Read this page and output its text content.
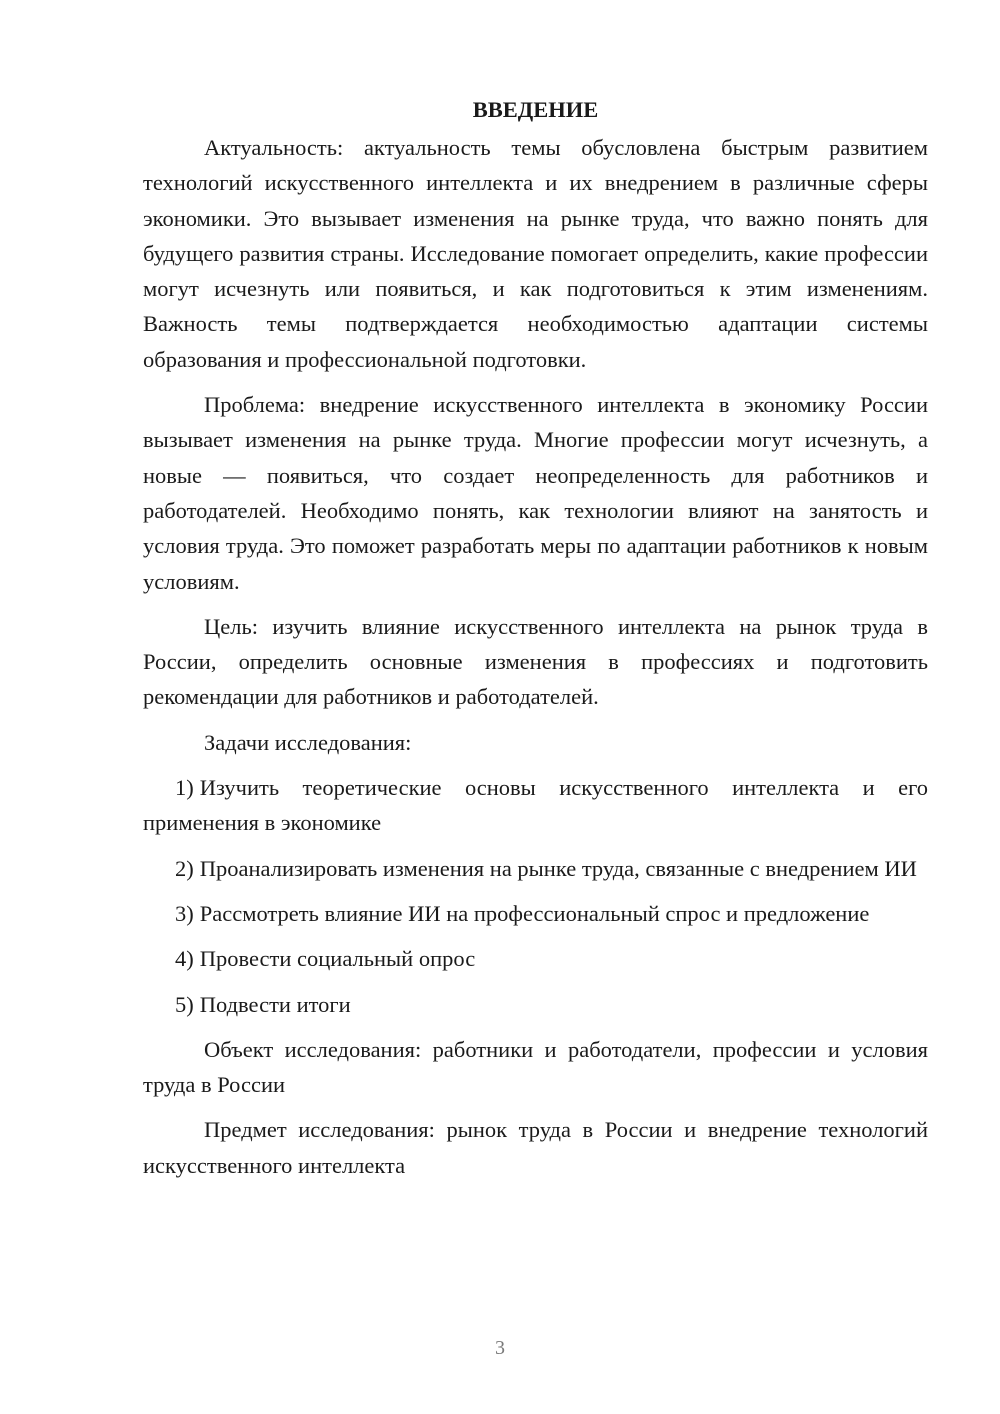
ВВЕДЕНИЕ

Актуальность: актуальность темы обусловлена быстрым развитием технологий искусственного интеллекта и их внедрением в различные сферы экономики. Это вызывает изменения на рынке труда, что важно понять для будущего развития страны. Исследование помогает определить, какие профессии могут исчезнуть или появиться, и как подготовиться к этим изменениям. Важность темы подтверждается необходимостью адаптации системы образования и профессиональной подготовки.

Проблема: внедрение искусственного интеллекта в экономику России вызывает изменения на рынке труда. Многие профессии могут исчезнуть, а новые — появиться, что создает неопределенность для работников и работодателей. Необходимо понять, как технологии влияют на занятость и условия труда. Это поможет разработать меры по адаптации работников к новым условиям.

Цель: изучить влияние искусственного интеллекта на рынок труда в России, определить основные изменения в профессиях и подготовить рекомендации для работников и работодателей.

Задачи исследования:

1) Изучить теоретические основы искусственного интеллекта и его применения в экономике

2) Проанализировать изменения на рынке труда, связанные с внедрением ИИ

3) Рассмотреть влияние ИИ на профессиональный спрос и предложение

4) Провести социальный опрос

5) Подвести итоги

Объект исследования: работники и работодатели, профессии и условия труда в России

Предмет исследования: рынок труда в России и внедрение технологий искусственного интеллекта

3
